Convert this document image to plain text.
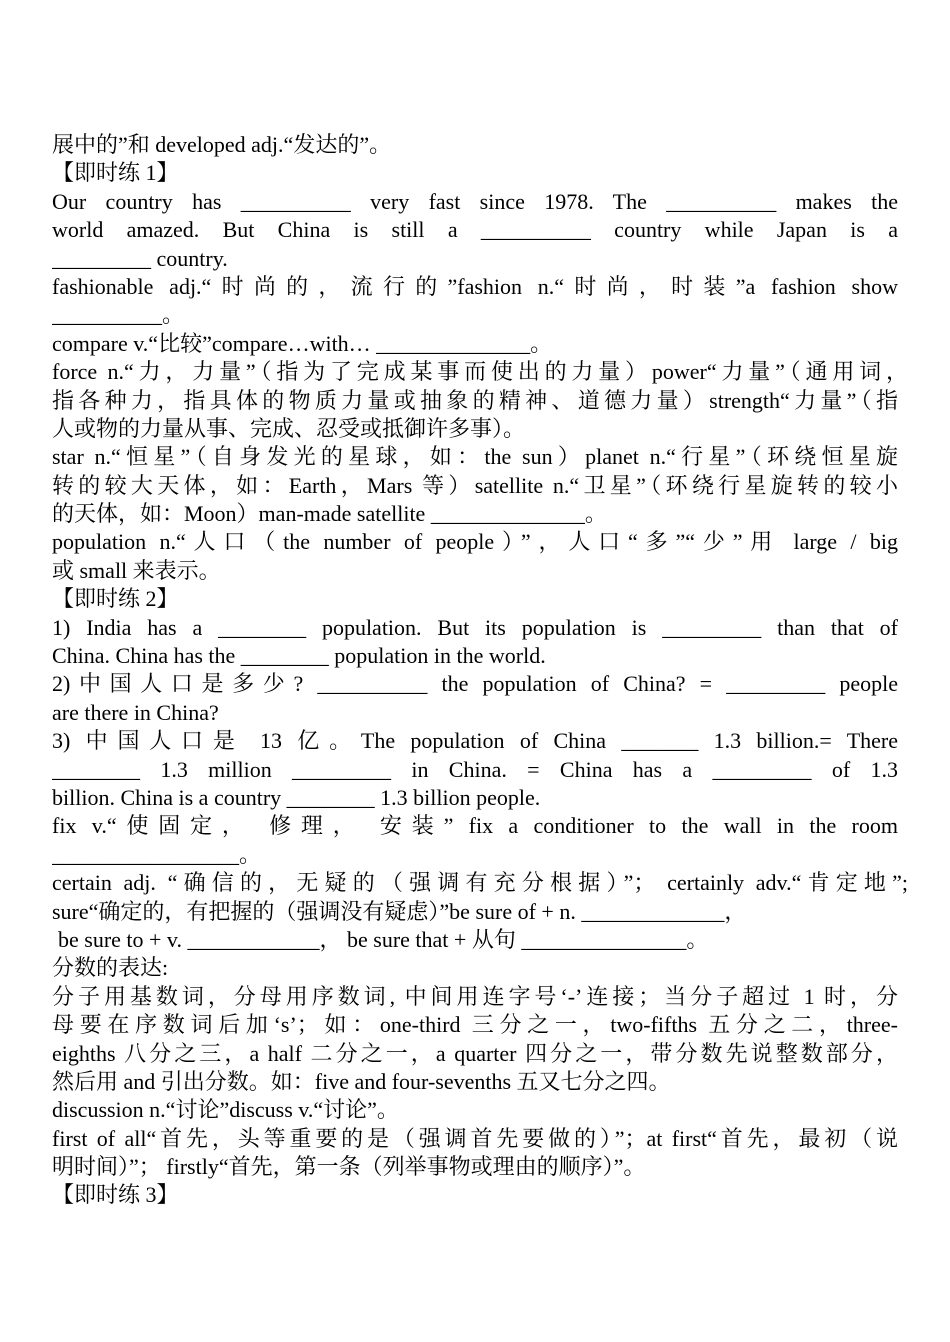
展中的”和 developed adj.“发达的”。
【即时练 1】
Our country has __________ very fast since 1978. The __________ makes the
world amazed. But China is still a __________ country while Japan is a
_________ country.
fashionable adj.“时尚的，流行的”fashion n.“时尚，时装”a fashion show
__________。
compare v.“比较”compare…with… ______________。
force n.“力，力量”（指为了完成某事而使出的力量）power“力量”（通用词，
指各种力，指具体的物质力量或抽象的精神、道德力量）strength“力量”（指
人或物的力量从事、完成、忍受或抵御许多事）。
star n.“恒星”（自身发光的星球，如：the sun）planet n.“行星”（环绕恒星旋
转的较大天体，如：Earth，Mars 等）satellite n.“卫星”（环绕行星旋转的较小
的天体，如：Moon）man-made satellite ______________。
population n.“人口（the number of people）”，人口“多”“少”用 large / big
或 small 来表示。
【即时练 2】
1) India has a ________ population. But its population is _________ than that of
China. China has the ________ population in the world.
2)中国人口是多少? __________ the population of China? = _________ people
are there in China?
3) 中国人口是 13 亿。The population of China _______ 1.3 billion.= There
________ 1.3 million _________ in China. = China has a _________ of 1.3
billion. China is a country ________ 1.3 billion people.
fix v.“使固定， 修理， 安装” fix a conditioner to the wall in the room
_________________。
certain adj. “确信的，无疑的（强调有充分根据）”； certainly adv.“肯定地”;
sure“确定的，有把握的（强调没有疑虑）”be sure of + n. _____________，
be sure to + v. ____________， be sure that + 从句 _______________。
分数的表达:
分子用基数词，分母用序数词, 中间用连字号‘-’连接；当分子超过 1 时，分
母要在序数词后加‘s’；如：one-third 三分之一，two-fifths 五分之二，three-
eighths 八分之三，a half 二分之一，a quarter 四分之一，带分数先说整数部分，
然后用 and 引出分数。如：five and four-sevenths 五又七分之四。
discussion n.“讨论”discuss v.“讨论”。
first of all“首先，头等重要的是（强调首先要做的）”；at first“首先，最初（说
明时间）”； firstly“首先，第一条（列举事物或理由的顺序）”。
【即时练 3】
